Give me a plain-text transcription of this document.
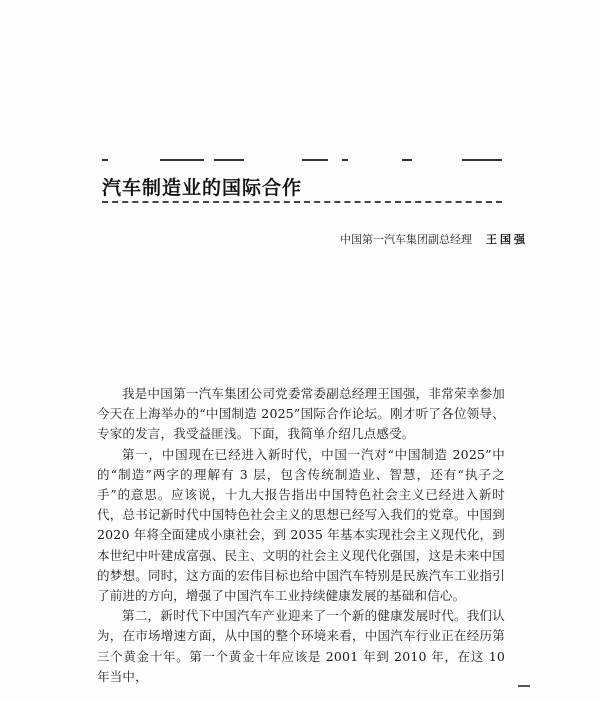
汽车制造业的国际合作
中国第一汽车集团副总经理 王国强

我是中国第一汽车集团公司党委常委副总经理王国强，非常荣幸参加今天在上海举办的“中国制造 2025”国际合作论坛。刚才听了各位领导、专家的发言，我受益匪浅。下面，我简单介绍几点感受。

第一，中国现在已经进入新时代，中国一汽对“中国制造 2025”中的“制造”两字的理解有 3 层，包含传统制造业、智慧，还有“执子之手”的意思。应该说，十九大报告指出中国特色社会主义已经进入新时代，总书记新时代中国特色社会主义的思想已经写入我们的党章。中国到 2020 年将全面建成小康社会，到 2035 年基本实现社会主义现代化，到本世纪中叶建成富强、民主、文明的社会主义现代化强国，这是未来中国的梦想。同时，这方面的宏伟目标也给中国汽车特别是民族汽车工业指引了前进的方向，增强了中国汽车工业持续健康发展的基础和信心。

第二，新时代下中国汽车产业迎来了一个新的健康发展时代。我们认为，在市场增速方面，从中国的整个环境来看，中国汽车行业正在经历第三个黄金十年。第一个黄金十年应该是 2001 年到 2010 年，在这 10 年当中，
